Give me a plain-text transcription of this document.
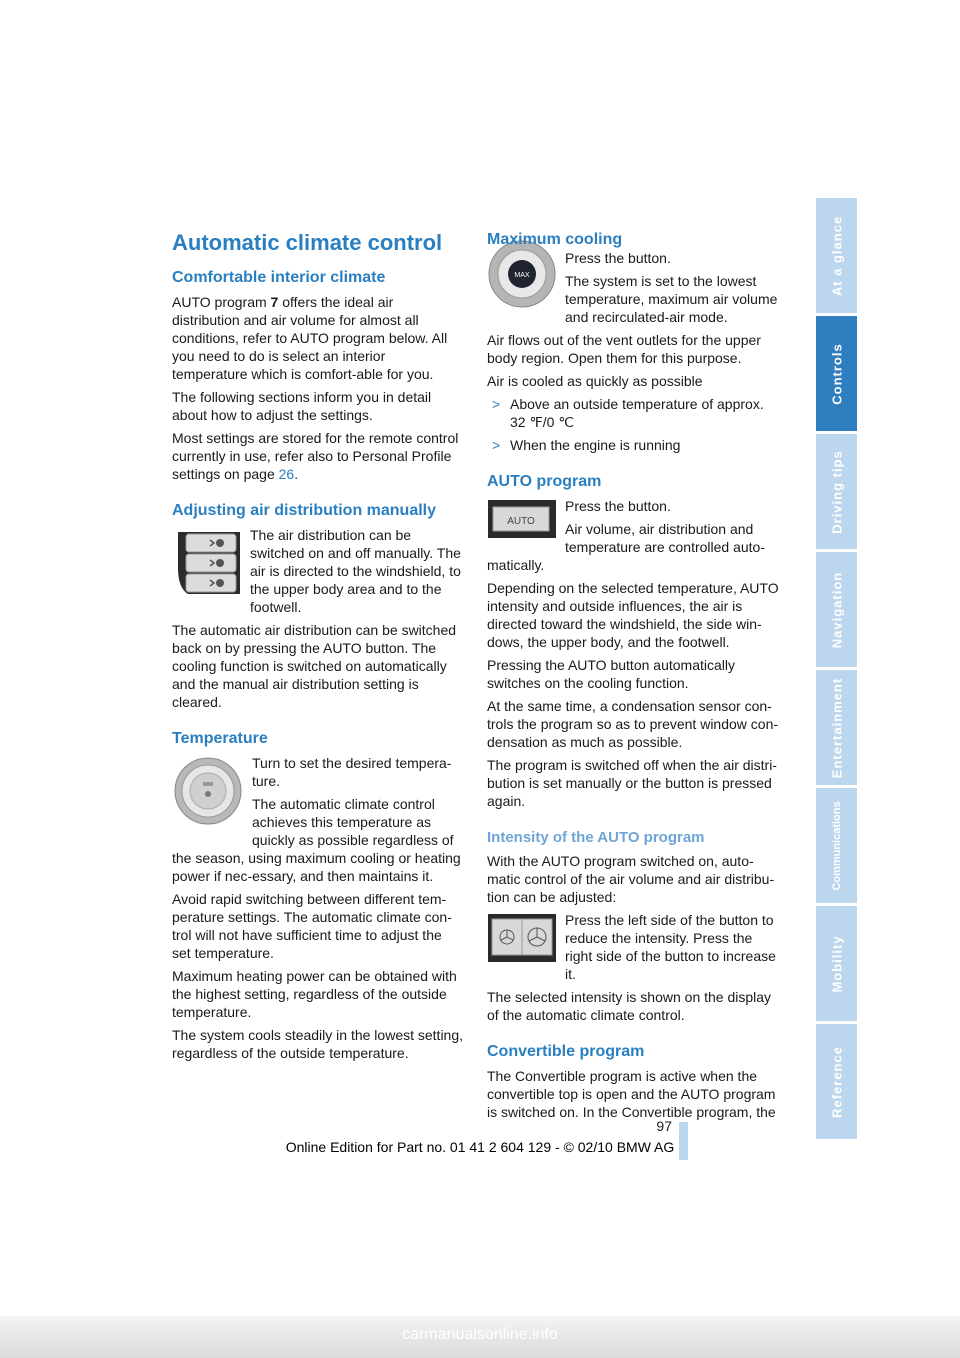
Automatic climate control
Comfortable interior climate

AUTO program 7 offers the ideal air distribution and air volume for almost all conditions, refer to AUTO program below. All you need to do is select an interior temperature which is comfort-able for you.

The following sections inform you in detail about how to adjust the settings.

Most settings are stored for the remote control currently in use, refer also to Personal Profile settings on page 26.

Adjusting air distribution manually

The air distribution can be switched on and off manually. The air is directed to the windshield, to the upper body area and to the footwell.

The automatic air distribution can be switched back on by pressing the AUTO button. The cooling function is switched on automatically and the manual air distribution setting is cleared.

Temperature

Turn to set the desired tempera-ture.

The automatic climate control achieves this temperature as quickly as possible regardless of the season, using maximum cooling or heating power if nec-essary, and then maintains it.

Avoid rapid switching between different tem-perature settings. The automatic climate con-trol will not have sufficient time to adjust the set temperature.

Maximum heating power can be obtained with the highest setting, regardless of the outside temperature.

The system cools steadily in the lowest setting, regardless of the outside temperature.

Maximum cooling
MAX

Press the button.

The system is set to the lowest temperature, maximum air volume and recirculated-air mode.

Air flows out of the vent outlets for the upper body region. Open them for this purpose.

Air is cooled as quickly as possible

> Above an outside temperature of approx. 32 ℉/0 ℃
> When the engine is running
AUTO program
AUTO

Press the button.

Air volume, air distribution and temperature are controlled auto-matically.

Depending on the selected temperature, AUTO intensity and outside influences, the air is directed toward the windshield, the side win-dows, the upper body, and the footwell.

Pressing the AUTO button automatically switches on the cooling function.

At the same time, a condensation sensor con-trols the program so as to prevent window con-densation as much as possible.

The program is switched off when the air distri-bution is set manually or the button is pressed again.

Intensity of the AUTO program

With the AUTO program switched on, auto-matic control of the air volume and air distribu-tion can be adjusted:

Press the left side of the button to reduce the intensity. Press the right side of the button to increase it.

The selected intensity is shown on the display of the automatic climate control.

Convertible program

The Convertible program is active when the convertible top is open and the AUTO program is switched on. In the Convertible program, the

At a glance
Controls
Driving tips
Navigation
Entertainment
Communications
Mobility
Reference
97
Online Edition for Part no. 01 41 2 604 129 - © 02/10 BMW AG
carmanualsonline.info
